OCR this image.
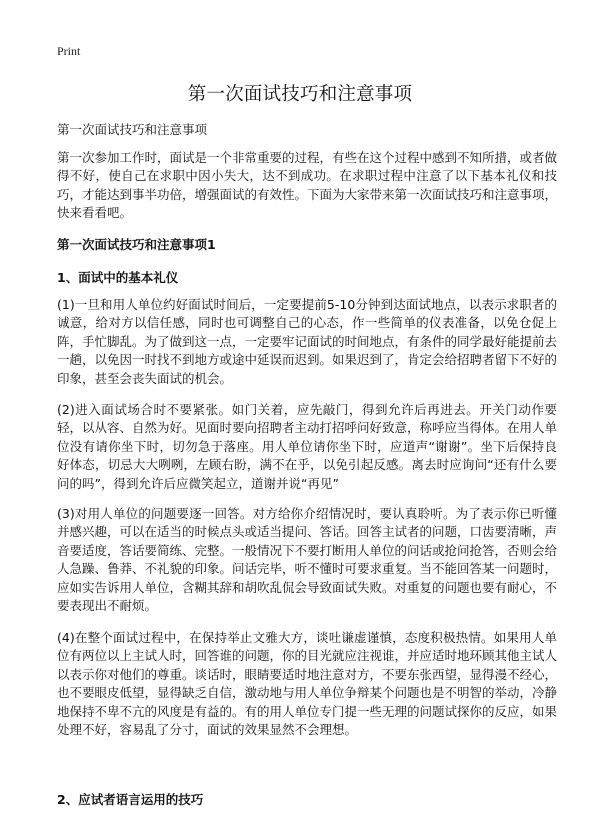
Print
第一次面试技巧和注意事项
第一次面试技巧和注意事项

第一次参加工作时，面试是一个非常重要的过程，有些在这个过程中感到不知所措，或者做得不好，使自己在求职中因小失大，达不到成功。在求职过程中注意了以下基本礼仪和技巧，才能达到事半功倍，增强面试的有效性。下面为大家带来第一次面试技巧和注意事项，快来看看吧。

第一次面试技巧和注意事项1
1、面试中的基本礼仪

(1)一旦和用人单位约好面试时间后，一定要提前5-10分钟到达面试地点，以表示求职者的诚意，给对方以信任感，同时也可调整自己的心态，作一些简单的仪表准备，以免仓促上阵，手忙脚乱。为了做到这一点，一定要牢记面试的时间地点，有条件的同学最好能提前去一趟，以免因一时找不到地方或途中延误而迟到。如果迟到了，肯定会给招聘者留下不好的印象，甚至会丧失面试的机会。

(2)进入面试场合时不要紧张。如门关着，应先敲门，得到允许后再进去。开关门动作要轻，以从容、自然为好。见面时要向招聘者主动打招呼问好致意，称呼应当得体。在用人单位没有请你坐下时，切勿急于落座。用人单位请你坐下时，应道声“谢谢”。坐下后保持良好体态，切忌大大咧咧，左顾右盼，满不在乎，以免引起反感。离去时应询问“还有什么要问的吗”，得到允许后应微笑起立，道谢并说“再见”

(3)对用人单位的问题要逐一回答。对方给你介绍情况时，要认真聆听。为了表示你已听懂并感兴趣，可以在适当的时候点头或适当提问、答话。回答主试者的问题，口齿要清晰，声音要适度，答话要简练、完整。一般情况下不要打断用人单位的问话或抢问抢答，否则会给人急躁、鲁莽、不礼貌的印象。问话完毕，听不懂时可要求重复。当不能回答某一问题时，应如实告诉用人单位，含糊其辞和胡吹乱侃会导致面试失败。对重复的问题也要有耐心，不要表现出不耐烦。

(4)在整个面试过程中，在保持举止文雅大方，谈吐谦虚谨慎，态度积极热情。如果用人单位有两位以上主试人时，回答谁的问题，你的目光就应注视谁，并应适时地环顾其他主试人以表示你对他们的尊重。谈话时，眼睛要适时地注意对方，不要东张西望，显得漫不经心，也不要眼皮低望，显得缺乏自信，激动地与用人单位争辩某个问题也是不明智的举动，冷静地保持不卑不亢的风度是有益的。有的用人单位专门提一些无理的问题试探你的反应，如果处理不好，容易乱了分寸，面试的效果显然不会理想。

2、应试者语言运用的技巧
